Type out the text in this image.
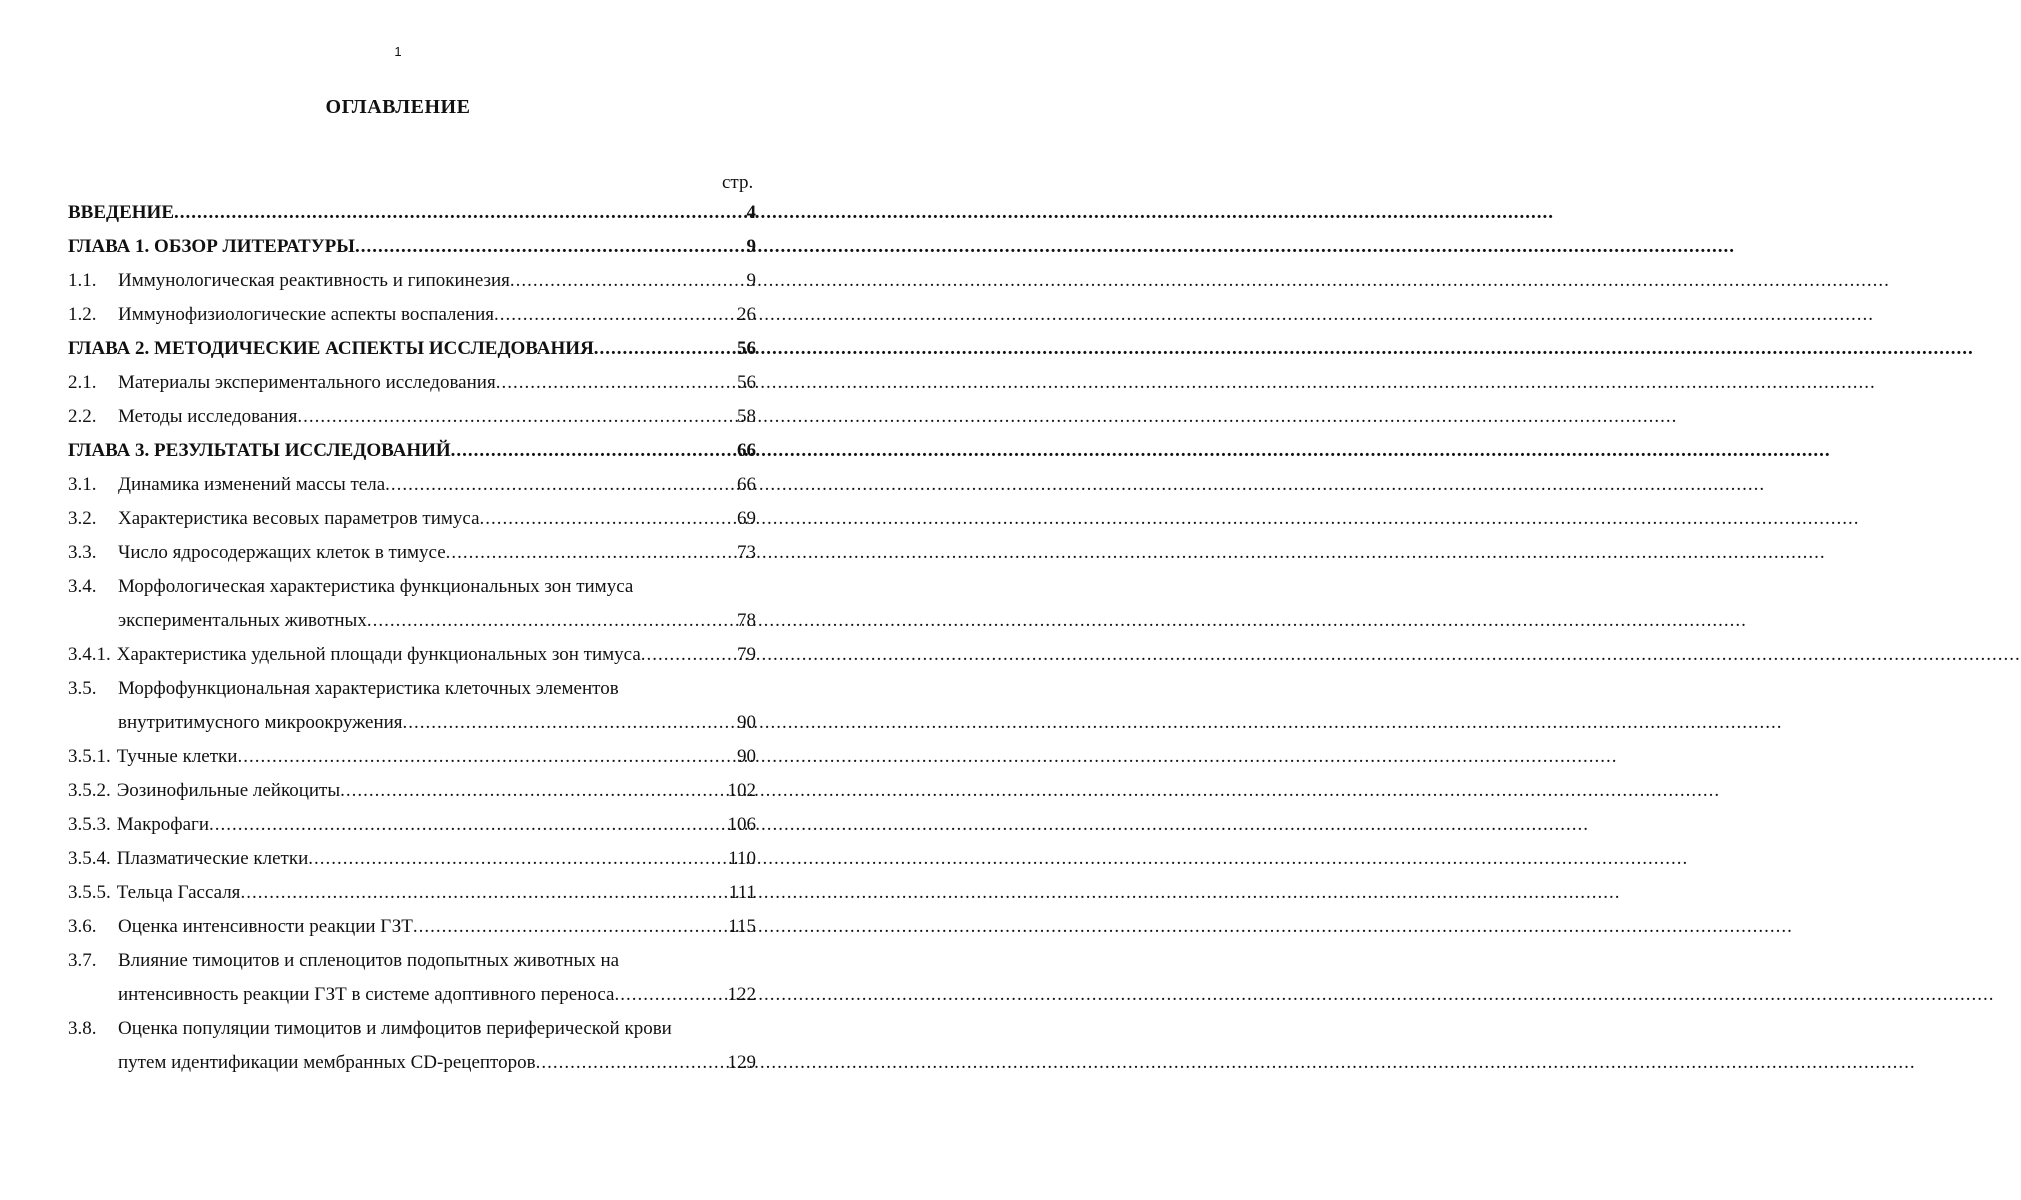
1
ОГЛАВЛЕНИЕ
стр.
ВВЕДЕНИЕ .....	4
ГЛАВА 1. ОБЗОР ЛИТЕРАТУРЫ .....	9
1.1.	Иммунологическая реактивность и гипокинезия .....	9
1.2.	Иммунофизиологические аспекты воспаления .....	26
ГЛАВА 2. МЕТОДИЧЕСКИЕ АСПЕКТЫ ИССЛЕДОВАНИЯ .....	56
2.1.	Материалы экспериментального исследования .....	56
2.2.	Методы исследования .....	58
ГЛАВА 3. РЕЗУЛЬТАТЫ ИССЛЕДОВАНИЙ .....	66
3.1.	Динамика изменений массы тела .....	66
3.2.	Характеристика весовых параметров тимуса .....	69
3.3.	Число ядросодержащих клеток в тимусе .....	73
3.4.	Морфологическая характеристика функциональных зон тимуса
экспериментальных животных .....	78
3.4.1. Характеристика удельной площади функциональных зон тимуса .....	79
3.5.	Морфофункциональная характеристика клеточных элементов
внутритимусного микроокружения .....	90
3.5.1. Тучные клетки .....	90
3.5.2. Эозинофильные лейкоциты .....	102
3.5.3. Макрофаги .....	106
3.5.4. Плазматические клетки .....	110
3.5.5. Тельца Гассаля .....	111
3.6.	Оценка интенсивности реакции ГЗТ .....	115
3.7.	Влияние тимоцитов и спленоцитов подопытных животных на
интенсивность реакции ГЗТ в системе адоптивного переноса .....	122
3.8.	Оценка популяции тимоцитов и лимфоцитов периферической крови
путем идентификации мембранных CD-рецепторов .....	129
